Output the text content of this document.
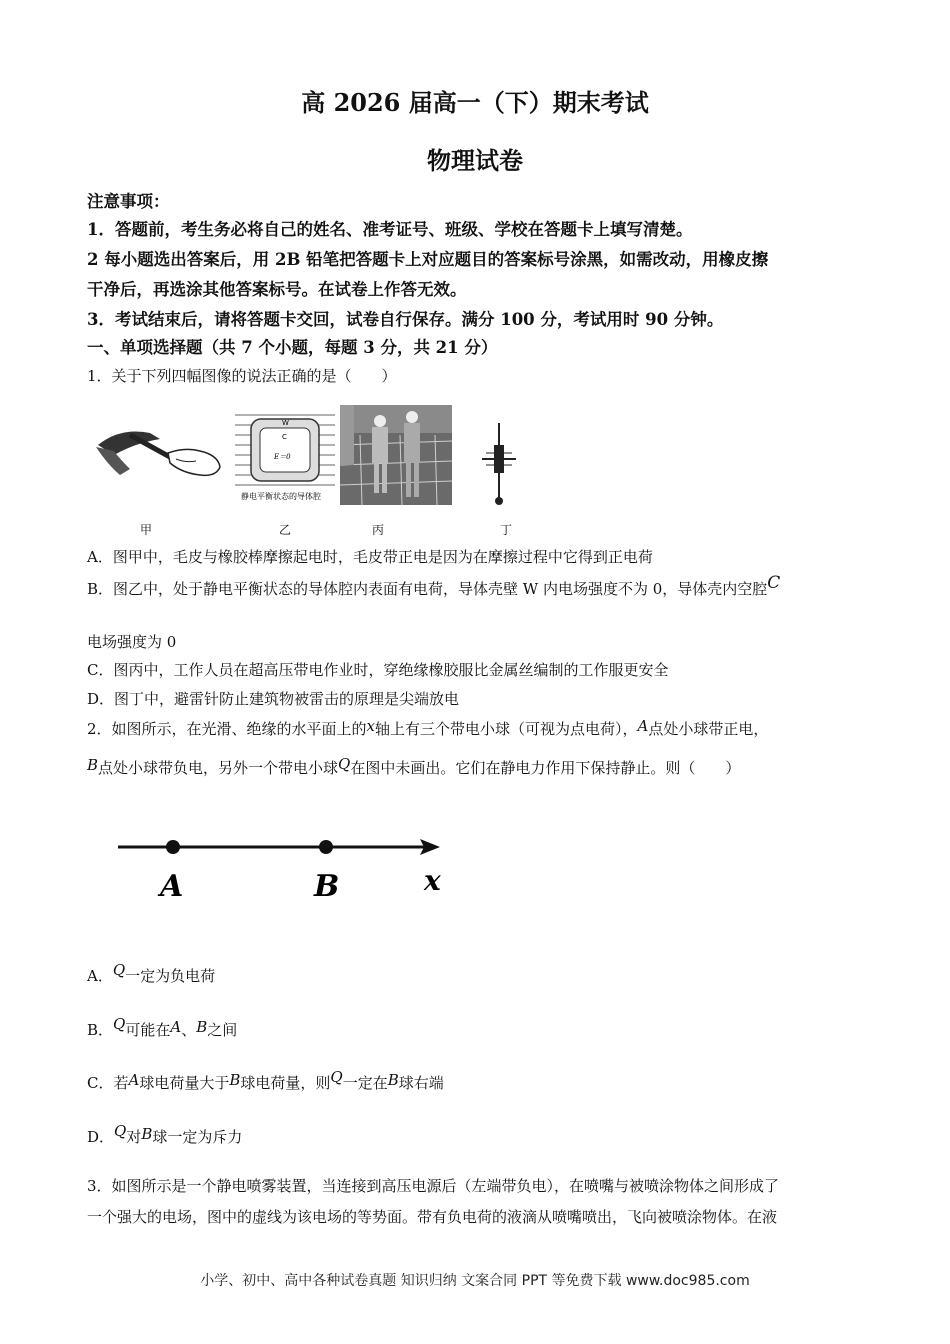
高 2026 届高一（下）期末考试
物理试卷
注意事项：
1．答题前，考生务必将自己的姓名、准考证号、班级、学校在答题卡上填写清楚。
2 每小题选出答案后，用 2B 铅笔把答题卡上对应题目的答案标号涂黑，如需改动，用橡皮擦
干净后，再选涂其他答案标号。在试卷上作答无效。
3．考试结束后，请将答题卡交回，试卷自行保存。满分 100 分，考试用时 90 分钟。
一、单项选择题（共 7 个小题，每题 3 分，共 21 分）
1．关于下列四幅图像的说法正确的是（　　）
W
C
E＝0
静电平衡状态的导体腔
甲	乙	丙	丁
A．图甲中，毛皮与橡胶棒摩擦起电时，毛皮带正电是因为在摩擦过程中它得到正电荷
B．图乙中，处于静电平衡状态的导体腔内表面有电荷，导体壳壁 W 内电场强度不为 0，导体壳内空腔C
电场强度为 0
C．图丙中，工作人员在超高压带电作业时，穿绝缘橡胶服比金属丝编制的工作服更安全
D．图丁中，避雷针防止建筑物被雷击的原理是尖端放电
2．如图所示，在光滑、绝缘的水平面上的x轴上有三个带电小球（可视为点电荷），A点处小球带正电，
B点处小球带负电，另外一个带电小球Q在图中未画出。它们在静电力作用下保持静止。则（　　）
A	B	x
A．Q一定为负电荷
B．Q可能在A、B之间
C．若A球电荷量大于B球电荷量，则Q一定在B球右端
D．Q对B球一定为斥力
3．如图所示是一个静电喷雾装置，当连接到高压电源后（左端带负电），在喷嘴与被喷涂物体之间形成了
一个强大的电场，图中的虚线为该电场的等势面。带有负电荷的液滴从喷嘴喷出，飞向被喷涂物体。在液
小学、初中、高中各种试卷真题 知识归纳 文案合同 PPT 等免费下载 www.doc985.com
